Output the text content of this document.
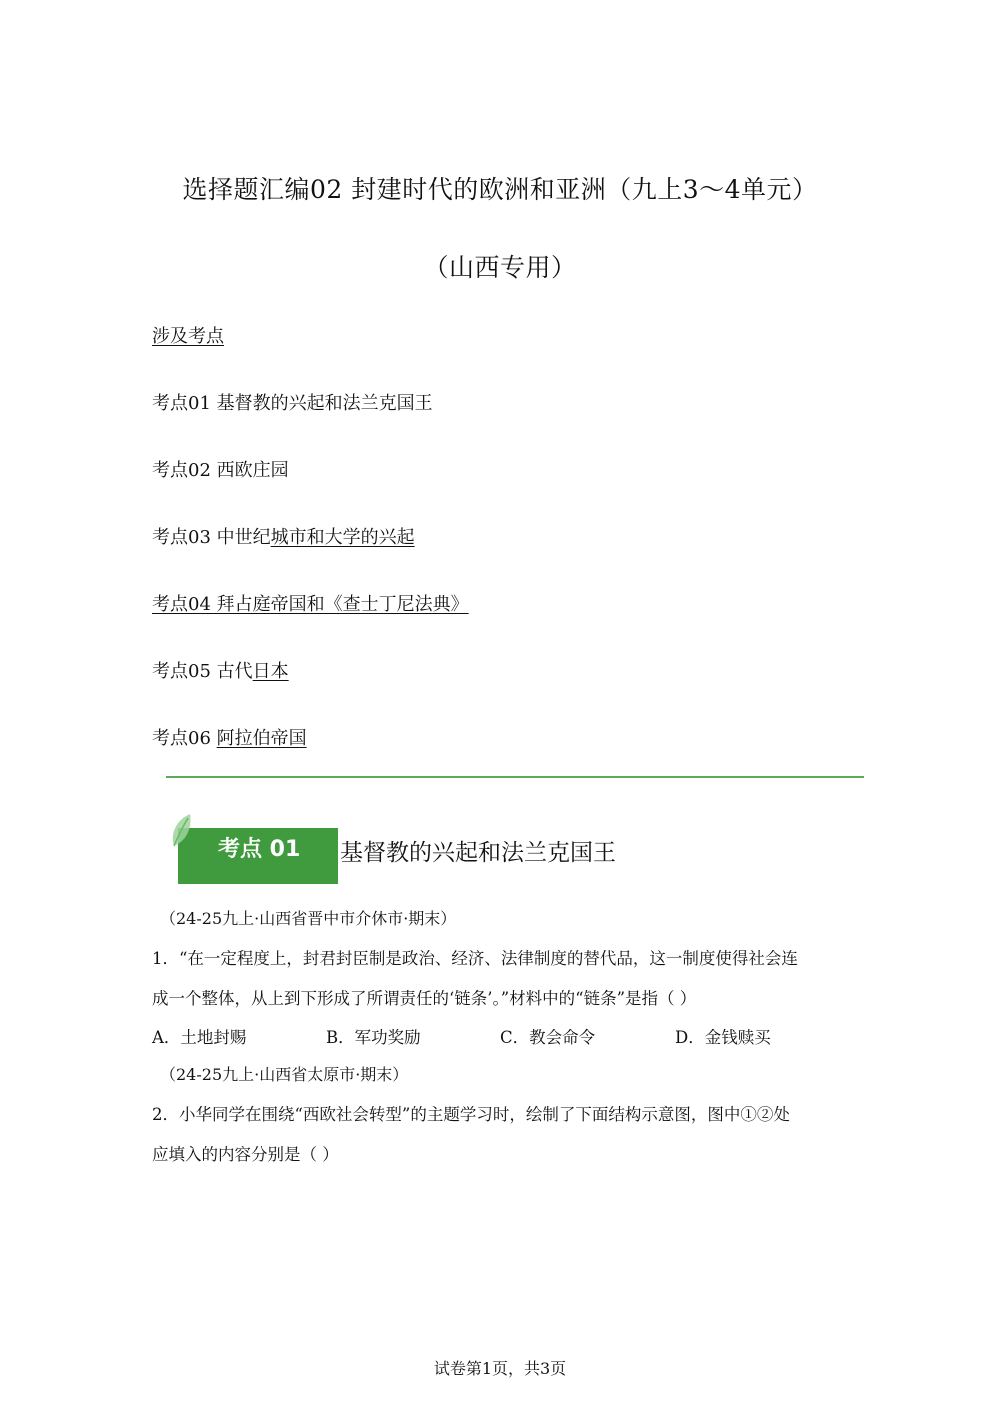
选择题汇编02 封建时代的欧洲和亚洲（九上3～4单元）
（山西专用）
涉及考点
考点01 基督教的兴起和法兰克国王
考点02 西欧庄园
考点03 中世纪城市和大学的兴起
考点04 拜占庭帝国和《查士丁尼法典》
考点05 古代日本
考点06 阿拉伯帝国
考点 01 基督教的兴起和法兰克国王
（24-25九上·山西省晋中市介休市·期末）
1．“在一定程度上，封君封臣制是政治、经济、法律制度的替代品，这一制度使得社会连
成一个整体，从上到下形成了所谓责任的‘链条’。”材料中的“链条”是指（ ）
A．土地封赐	B．军功奖励	C．教会命令	D．金钱赎买
（24-25九上·山西省太原市·期末）
2．小华同学在围绕“西欧社会转型”的主题学习时，绘制了下面结构示意图，图中①②处
应填入的内容分别是（ ）
试卷第1页，共3页
